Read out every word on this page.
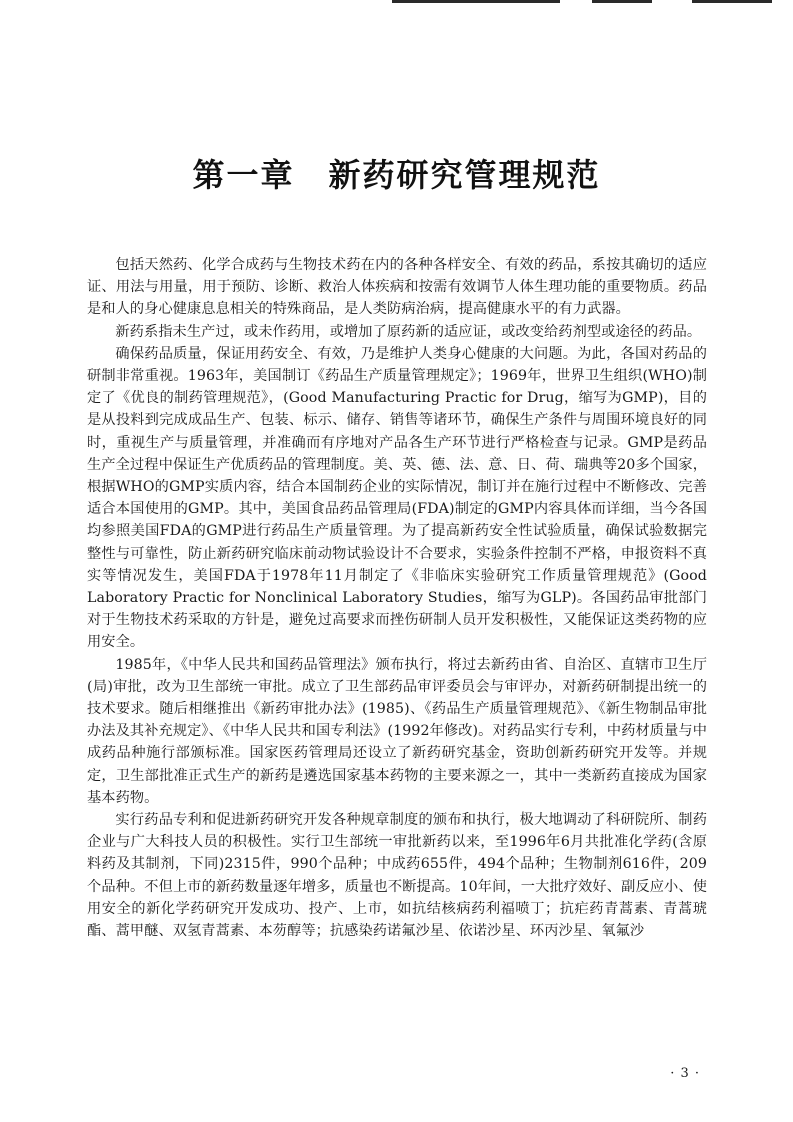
第一章 新药研究管理规范

包括天然药、化学合成药与生物技术药在内的各种各样安全、有效的药品，系按其确切的适应证、用法与用量，用于预防、诊断、救治人体疾病和按需有效调节人体生理功能的重要物质。药品是和人的身心健康息息相关的特殊商品，是人类防病治病，提高健康水平的有力武器。

新药系指未生产过，或未作药用，或增加了原药新的适应证，或改变给药剂型或途径的药品。

确保药品质量，保证用药安全、有效，乃是维护人类身心健康的大问题。为此，各国对药品的研制非常重视。1963年，美国制订《药品生产质量管理规定》；1969年，世界卫生组织(WHO)制定了《优良的制药管理规范》，(Good Manufacturing Practic for Drug，缩写为GMP)，目的是从投料到完成成品生产、包装、标示、储存、销售等诸环节，确保生产条件与周围环境良好的同时，重视生产与质量管理，并准确而有序地对产品各生产环节进行严格检查与记录。GMP是药品生产全过程中保证生产优质药品的管理制度。美、英、德、法、意、日、荷、瑞典等20多个国家，根据WHO的GMP实质内容，结合本国制药企业的实际情况，制订并在施行过程中不断修改、完善适合本国使用的GMP。其中，美国食品药品管理局(FDA)制定的GMP内容具体而详细，当今各国均参照美国FDA的GMP进行药品生产质量管理。为了提高新药安全性试验质量，确保试验数据完整性与可靠性，防止新药研究临床前动物试验设计不合要求，实验条件控制不严格，申报资料不真实等情况发生，美国FDA于1978年11月制定了《非临床实验研究工作质量管理规范》(Good Laboratory Practic for Nonclinical Laboratory Studies，缩写为GLP)。各国药品审批部门对于生物技术药采取的方针是，避免过高要求而挫伤研制人员开发积极性，又能保证这类药物的应用安全。

1985年，《中华人民共和国药品管理法》颁布执行，将过去新药由省、自治区、直辖市卫生厅(局)审批，改为卫生部统一审批。成立了卫生部药品审评委员会与审评办，对新药研制提出统一的技术要求。随后相继推出《新药审批办法》(1985)、《药品生产质量管理规范》、《新生物制品审批办法及其补充规定》、《中华人民共和国专利法》(1992年修改)。对药品实行专利，中药材质量与中成药品种施行部颁标准。国家医药管理局还设立了新药研究基金，资助创新药研究开发等。并规定，卫生部批准正式生产的新药是遴选国家基本药物的主要来源之一，其中一类新药直接成为国家基本药物。

实行药品专利和促进新药研究开发各种规章制度的颁布和执行，极大地调动了科研院所、制药企业与广大科技人员的积极性。实行卫生部统一审批新药以来，至1996年6月共批准化学药(含原料药及其制剂，下同)2315件，990个品种；中成药655件，494个品种；生物制剂616件，209个品种。不但上市的新药数量逐年增多，质量也不断提高。10年间，一大批疗效好、副反应小、使用安全的新化学药研究开发成功、投产、上市，如抗结核病药利福喷丁；抗疟药青蒿素、青蒿琥酯、蒿甲醚、双氢青蒿素、本芴醇等；抗感染药诺氟沙星、依诺沙星、环丙沙星、氧氟沙

· 3 ·
